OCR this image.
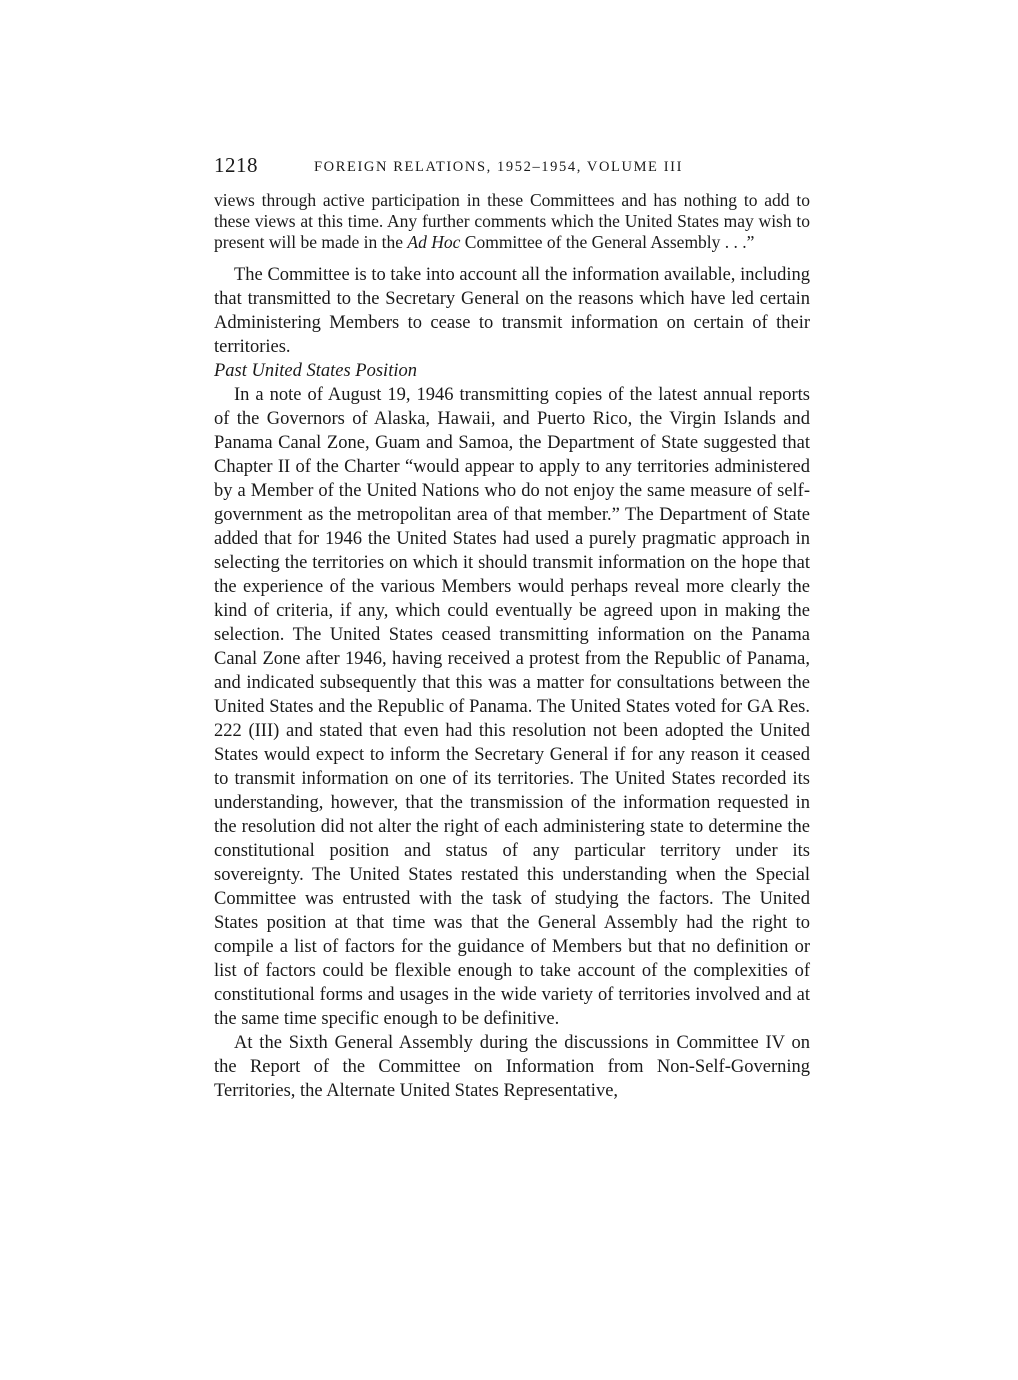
1218	FOREIGN RELATIONS, 1952–1954, VOLUME III

views through active participation in these Committees and has nothing to add to these views at this time. Any further comments which the United States may wish to present will be made in the Ad Hoc Committee of the General Assembly . . .”

The Committee is to take into account all the information available, including that transmitted to the Secretary General on the reasons which have led certain Administering Members to cease to transmit information on certain of their territories.

Past United States Position

In a note of August 19, 1946 transmitting copies of the latest annual reports of the Governors of Alaska, Hawaii, and Puerto Rico, the Virgin Islands and Panama Canal Zone, Guam and Samoa, the Department of State suggested that Chapter II of the Charter “would appear to apply to any territories administered by a Member of the United Nations who do not enjoy the same measure of self-government as the metropolitan area of that member.” The Department of State added that for 1946 the United States had used a purely pragmatic approach in selecting the territories on which it should transmit information on the hope that the experience of the various Members would perhaps reveal more clearly the kind of criteria, if any, which could eventually be agreed upon in making the selection. The United States ceased transmitting information on the Panama Canal Zone after 1946, having received a protest from the Republic of Panama, and indicated subsequently that this was a matter for consultations between the United States and the Republic of Panama. The United States voted for GA Res. 222 (III) and stated that even had this resolution not been adopted the United States would expect to inform the Secretary General if for any reason it ceased to transmit information on one of its territories. The United States recorded its understanding, however, that the transmission of the information requested in the resolution did not alter the right of each administering state to determine the constitutional position and status of any particular territory under its sovereignty. The United States restated this understanding when the Special Committee was entrusted with the task of studying the factors. The United States position at that time was that the General Assembly had the right to compile a list of factors for the guidance of Members but that no definition or list of factors could be flexible enough to take account of the complexities of constitutional forms and usages in the wide variety of territories involved and at the same time specific enough to be definitive.

At the Sixth General Assembly during the discussions in Committee IV on the Report of the Committee on Information from Non-Self-Governing Territories, the Alternate United States Representative,
